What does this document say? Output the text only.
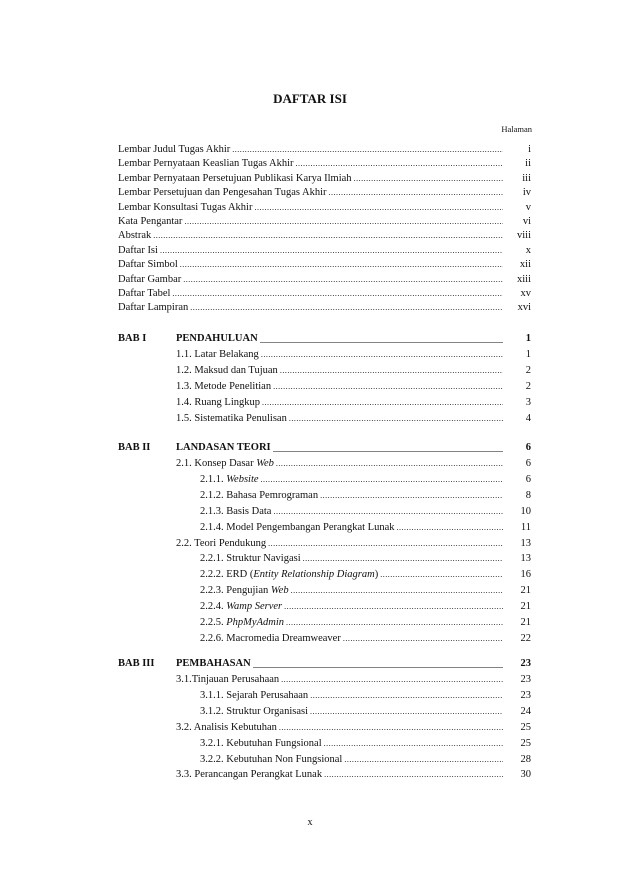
DAFTAR ISI
Halaman
Lembar Judul Tugas Akhir .....	i
Lembar Pernyataan Keaslian Tugas Akhir .....	ii
Lembar Pernyataan Persetujuan Publikasi Karya Ilmiah .....	iii
Lembar Persetujuan dan Pengesahan Tugas Akhir .....	iv
Lembar Konsultasi Tugas Akhir .....	v
Kata Pengantar .....	vi
Abstrak .....	viii
Daftar Isi .....	x
Daftar Simbol .....	xii
Daftar Gambar .....	xiii
Daftar Tabel .....	xv
Daftar Lampiran .....	xvi
BAB I	PENDAHULUAN _____	1
1.1. Latar Belakang .....	1
1.2. Maksud dan Tujuan .....	2
1.3. Metode Penelitian .....	2
1.4. Ruang Lingkup .....	3
1.5. Sistematika Penulisan .....	4
BAB II	LANDASAN TEORI _____	6
2.1. Konsep Dasar Web .....	6
2.1.1. Website .....	6
2.1.2. Bahasa Pemrograman .....	8
2.1.3. Basis Data .....	10
2.1.4. Model Pengembangan Perangkat Lunak .....	11
2.2. Teori Pendukung .....	13
2.2.1. Struktur Navigasi .....	13
2.2.2. ERD (Entity Relationship Diagram) .....	16
2.2.3. Pengujian Web .....	21
2.2.4. Wamp Server .....	21
2.2.5. PhpMyAdmin .....	21
2.2.6. Macromedia Dreamweaver .....	22
BAB III	PEMBAHASAN _____	23
3.1.Tinjauan Perusahaan .....	23
3.1.1. Sejarah Perusahaan .....	23
3.1.2. Struktur Organisasi .....	24
3.2. Analisis Kebutuhan .....	25
3.2.1. Kebutuhan Fungsional .....	25
3.2.2. Kebutuhan Non Fungsional .....	28
3.3. Perancangan Perangkat Lunak .....	30
x
